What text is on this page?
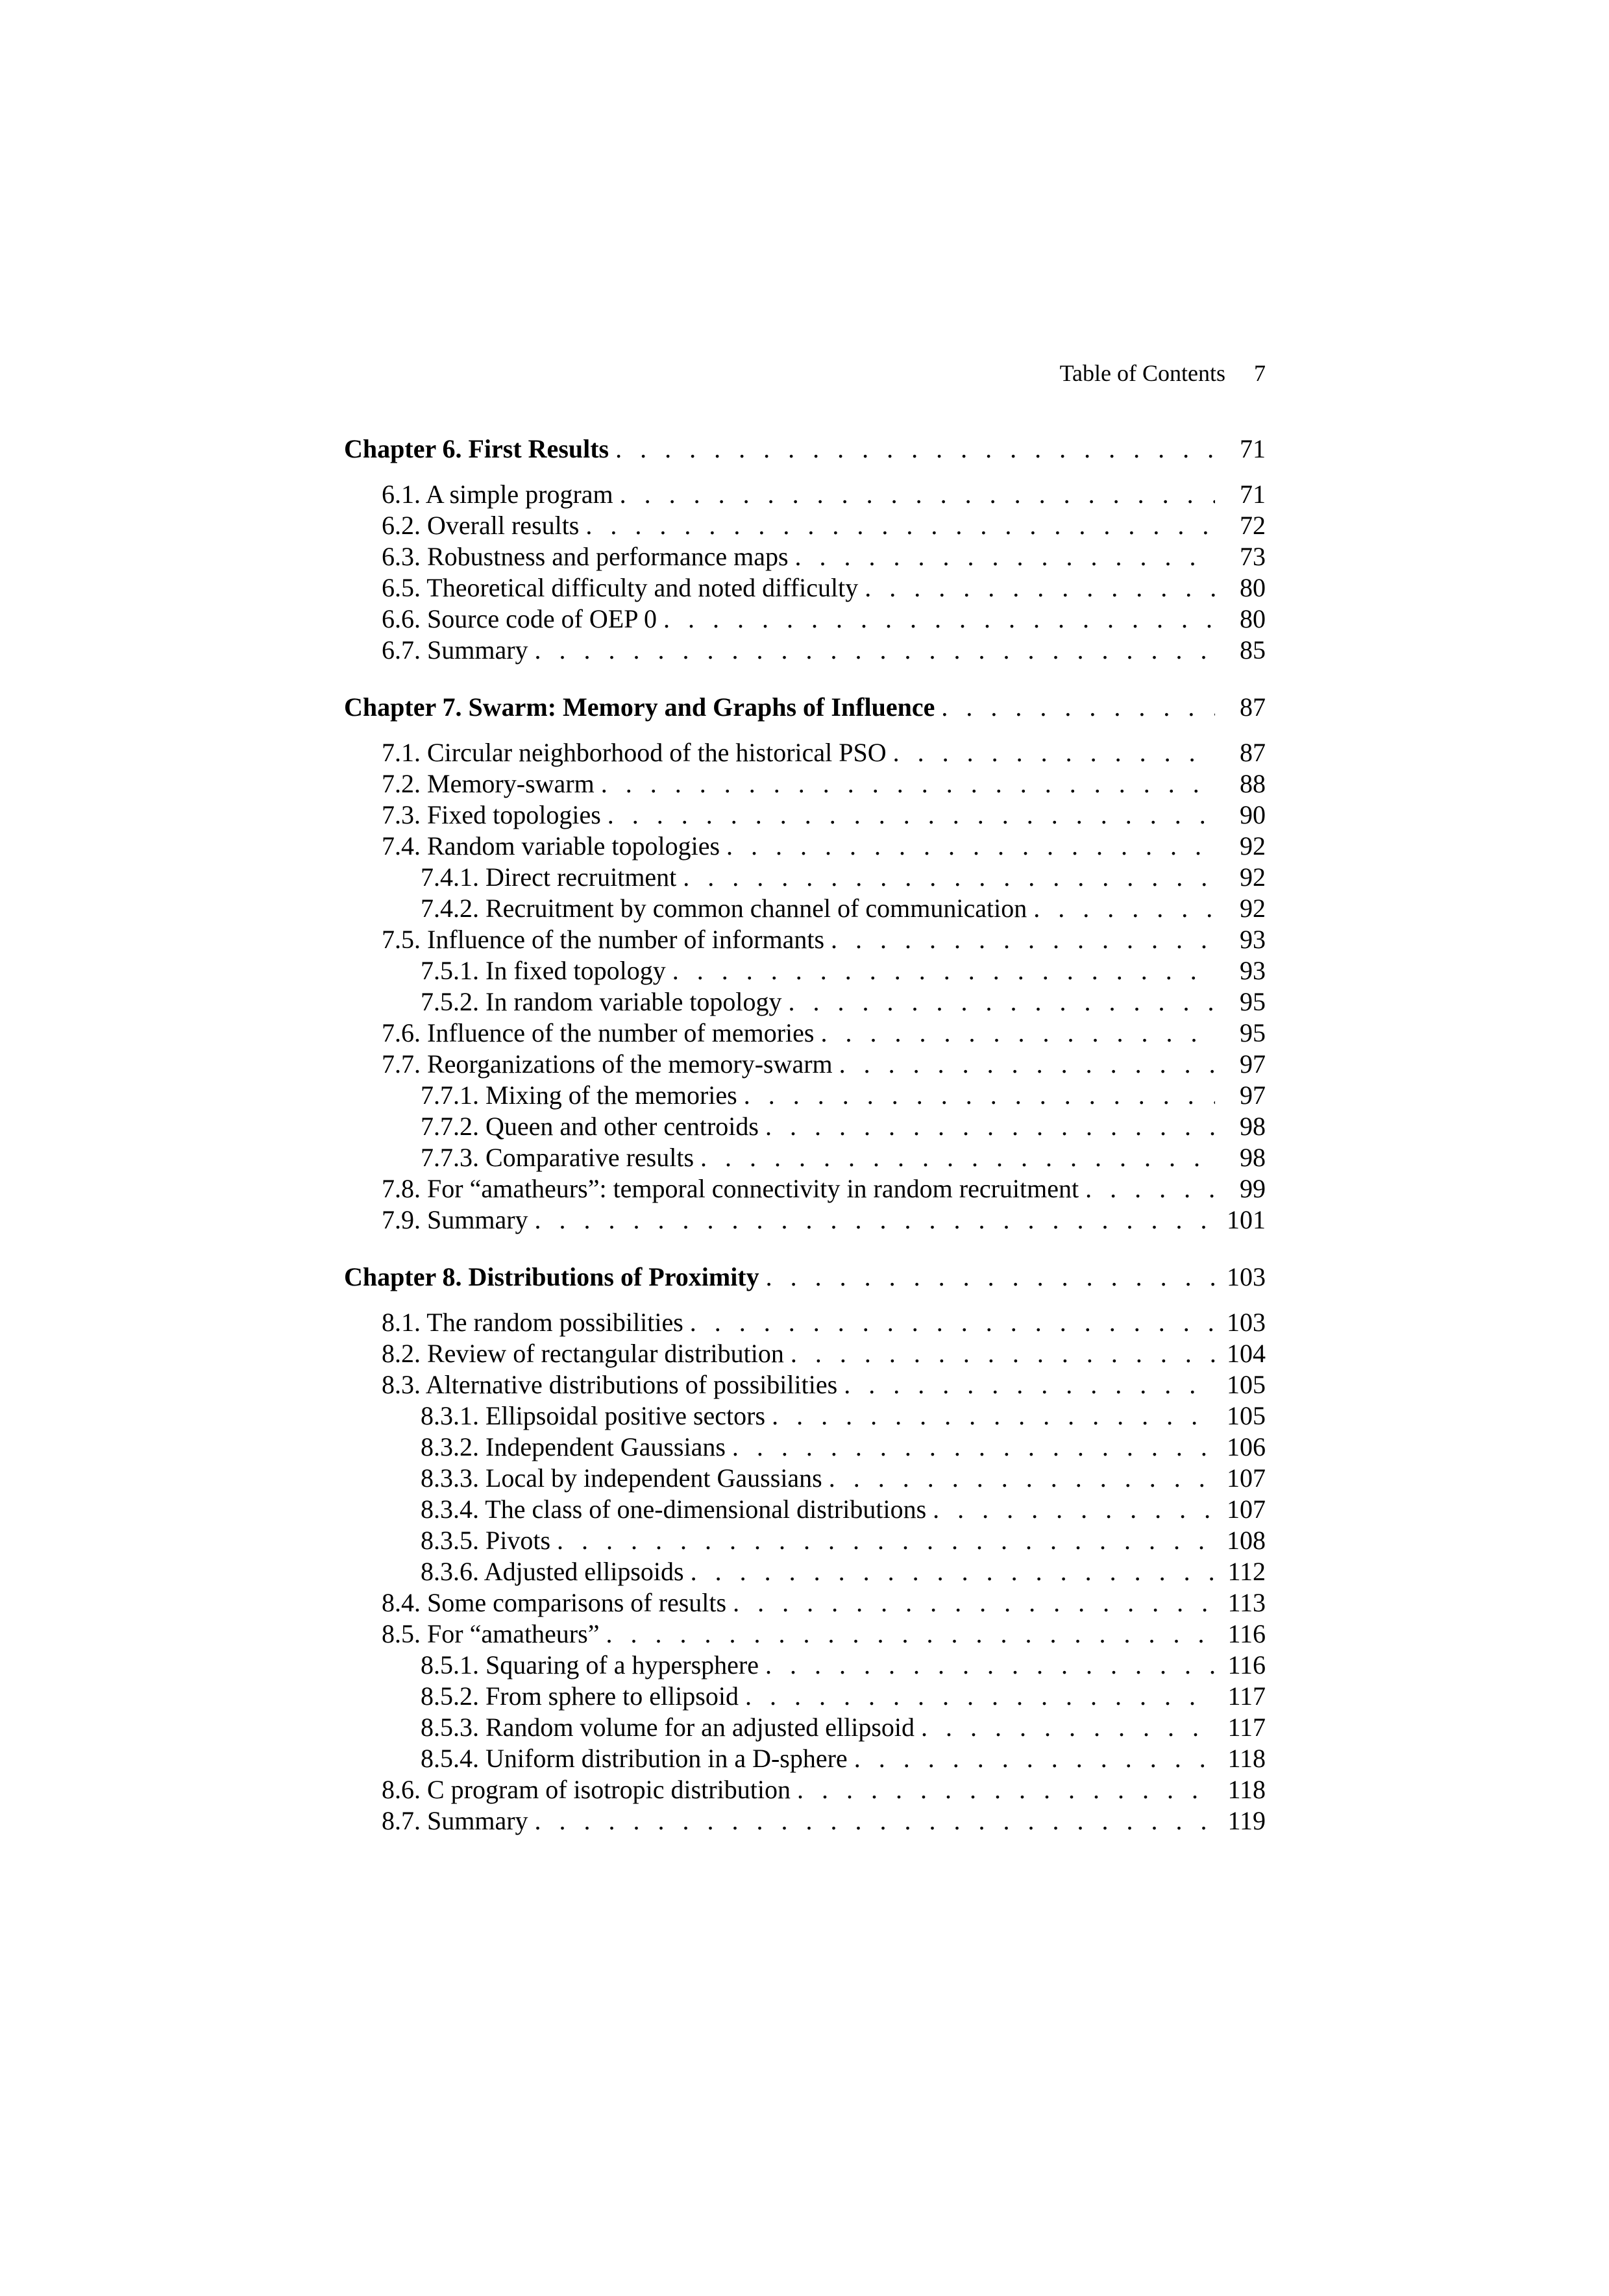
Table of Contents 7
Chapter 6. First Results . . .	71
6.1. A simple program . . .	71
6.2. Overall results . . .	72
6.3. Robustness and performance maps . . .	73
6.5. Theoretical difficulty and noted difficulty . . .	80
6.6. Source code of OEP 0 . . .	80
6.7. Summary . . .	85
Chapter 7. Swarm: Memory and Graphs of Influence . . .	87
7.1. Circular neighborhood of the historical PSO . . .	87
7.2. Memory-swarm . . .	88
7.3. Fixed topologies . . .	90
7.4. Random variable topologies . . .	92
7.4.1. Direct recruitment . . .	92
7.4.2. Recruitment by common channel of communication . . .	92
7.5. Influence of the number of informants . . .	93
7.5.1. In fixed topology . . .	93
7.5.2. In random variable topology . . .	95
7.6. Influence of the number of memories . . .	95
7.7. Reorganizations of the memory-swarm . . .	97
7.7.1. Mixing of the memories . . .	97
7.7.2. Queen and other centroids . . .	98
7.7.3. Comparative results . . .	98
7.8. For “amatheurs”: temporal connectivity in random recruitment . . .	99
7.9. Summary . . .	101
Chapter 8. Distributions of Proximity . . .	103
8.1. The random possibilities . . .	103
8.2. Review of rectangular distribution . . .	104
8.3. Alternative distributions of possibilities . . .	105
8.3.1. Ellipsoidal positive sectors . . .	105
8.3.2. Independent Gaussians . . .	106
8.3.3. Local by independent Gaussians . . .	107
8.3.4. The class of one-dimensional distributions . . .	107
8.3.5. Pivots . . .	108
8.3.6. Adjusted ellipsoids . . .	112
8.4. Some comparisons of results . . .	113
8.5. For “amatheurs” . . .	116
8.5.1. Squaring of a hypersphere . . .	116
8.5.2. From sphere to ellipsoid . . .	117
8.5.3. Random volume for an adjusted ellipsoid . . .	117
8.5.4. Uniform distribution in a D-sphere . . .	118
8.6. C program of isotropic distribution . . .	118
8.7. Summary . . .	119
